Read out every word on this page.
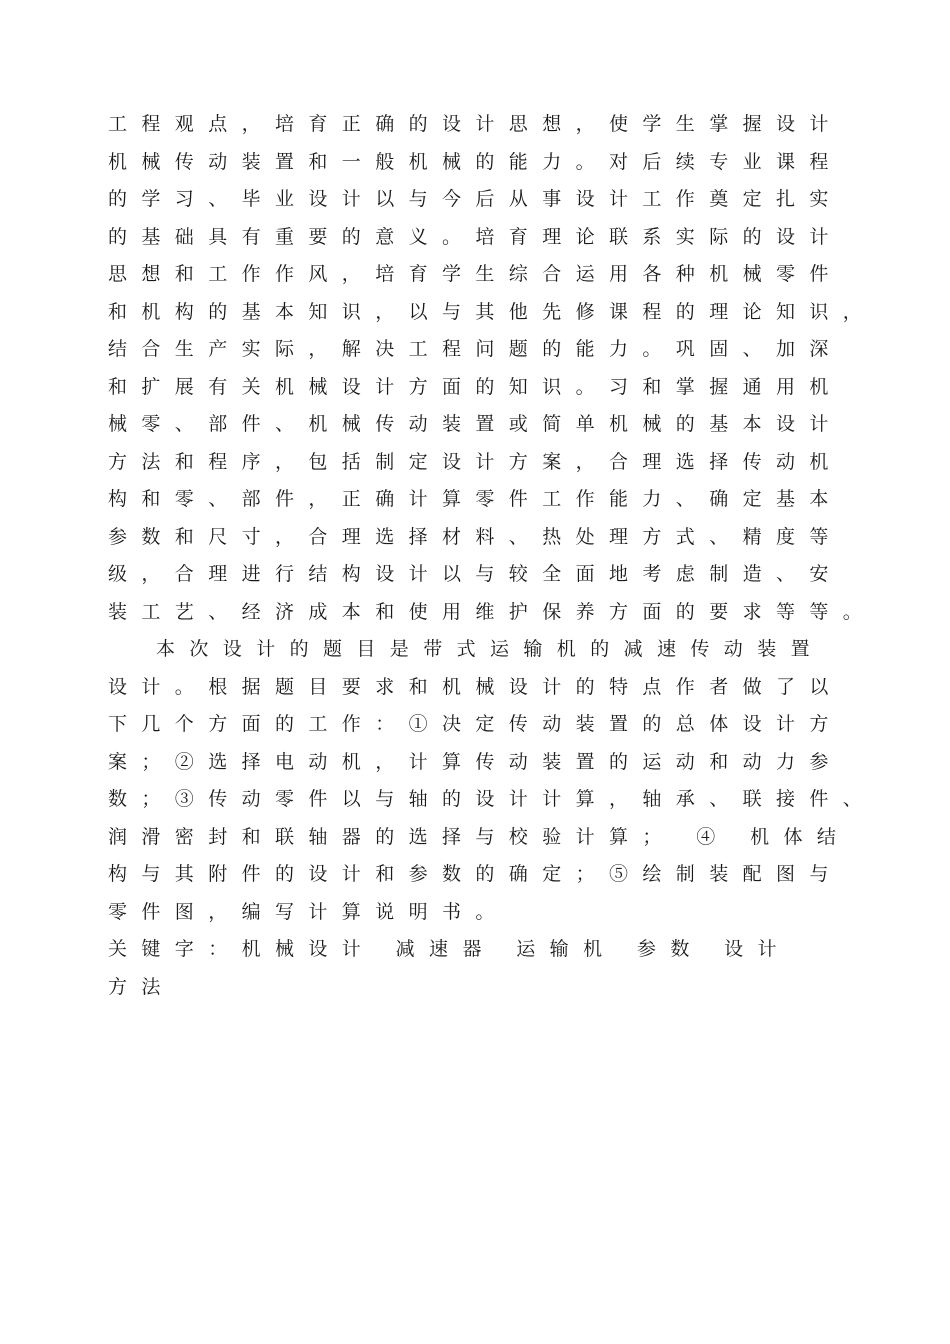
工程观点，培育正确的设计思想，使学生掌握设计
机械传动装置和一般机械的能力。对后续专业课程
的学习、毕业设计以与今后从事设计工作奠定扎实
的基础具有重要的意义。培育理论联系实际的设计
思想和工作作风，培育学生综合运用各种机械零件
和机构的基本知识，以与其他先修课程的理论知识，
结合生产实际，解决工程问题的能力。巩固、加深
和扩展有关机械设计方面的知识。习和掌握通用机
械零、部件、机械传动装置或简单机械的基本设计
方法和程序，包括制定设计方案，合理选择传动机
构和零、部件，正确计算零件工作能力、确定基本
参数和尺寸，合理选择材料、热处理方式、精度等
级，合理进行结构设计以与较全面地考虑制造、安
装工艺、经济成本和使用维护保养方面的要求等等。
本次设计的题目是带式运输机的减速传动装置
设计。根据题目要求和机械设计的特点作者做了以
下几个方面的工作：①决定传动装置的总体设计方
案；②选择电动机，计算传动装置的运动和动力参
数；③传动零件以与轴的设计计算，轴承、联接件、
润滑密封和联轴器的选择与校验计算； ④ 机体结
构与其附件的设计和参数的确定；⑤绘制装配图与
零件图，编写计算说明书。
关键字：机械设计 减速器 运输机 参数 设计
方法
